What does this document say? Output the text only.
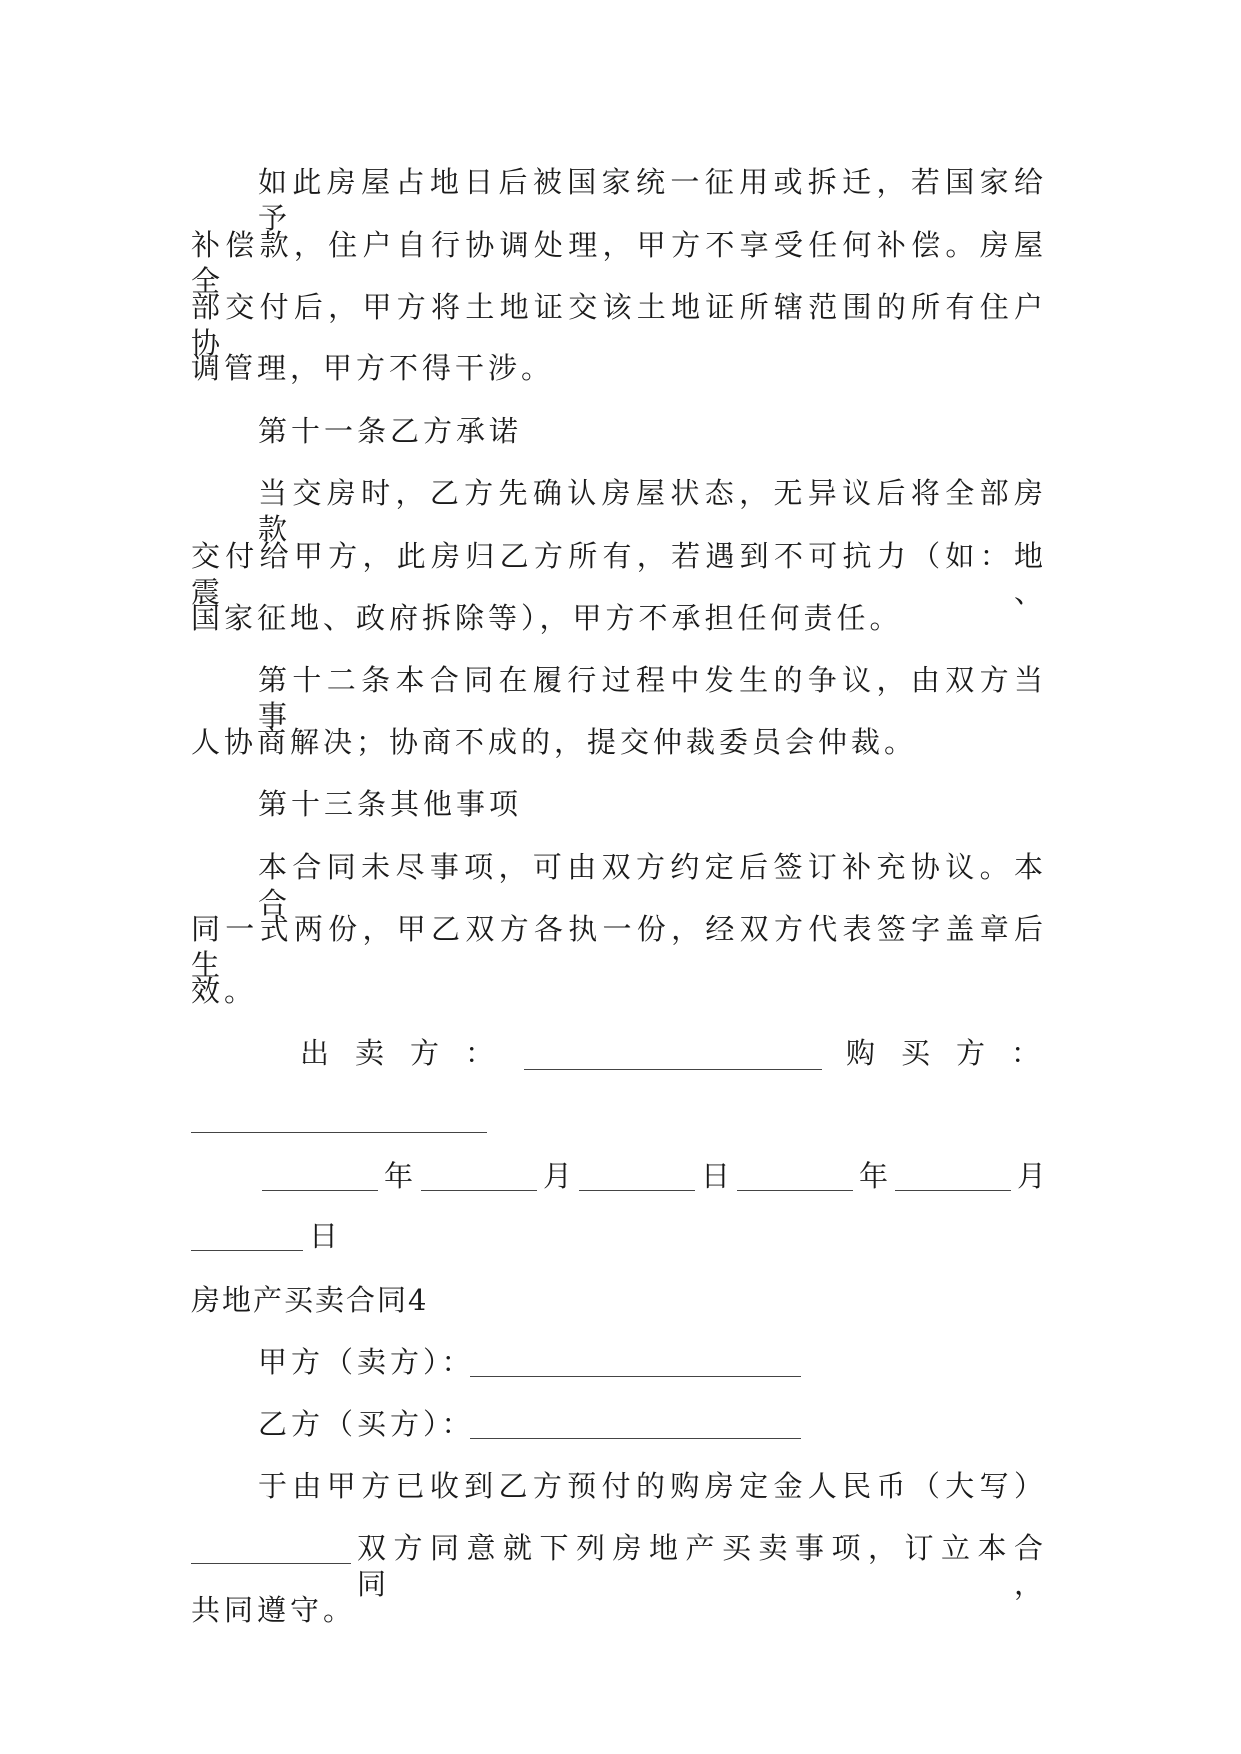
如此房屋占地日后被国家统一征用或拆迁，若国家给予
补偿款，住户自行协调处理，甲方不享受任何补偿。房屋全
部交付后，甲方将土地证交该土地证所辖范围的所有住户协
调管理，甲方不得干涉。
第十一条乙方承诺
当交房时，乙方先确认房屋状态，无异议后将全部房款
交付给甲方，此房归乙方所有，若遇到不可抗力（如：地震、
国家征地、政府拆除等），甲方不承担任何责任。
第十二条本合同在履行过程中发生的争议，由双方当事
人协商解决；协商不成的，提交仲裁委员会仲裁。
第十三条其他事项
本合同未尽事项，可由双方约定后签订补充协议。本合
同一式两份，甲乙双方各执一份，经双方代表签字盖章后生
效。
出卖方：	购买方：
年	月	日	年	月
日
房地产买卖合同4
甲方（卖方）：
乙方（买方）：
于由甲方已收到乙方预付的购房定金人民币（大写）
双方同意就下列房地产买卖事项，订立本合同，
共同遵守。
